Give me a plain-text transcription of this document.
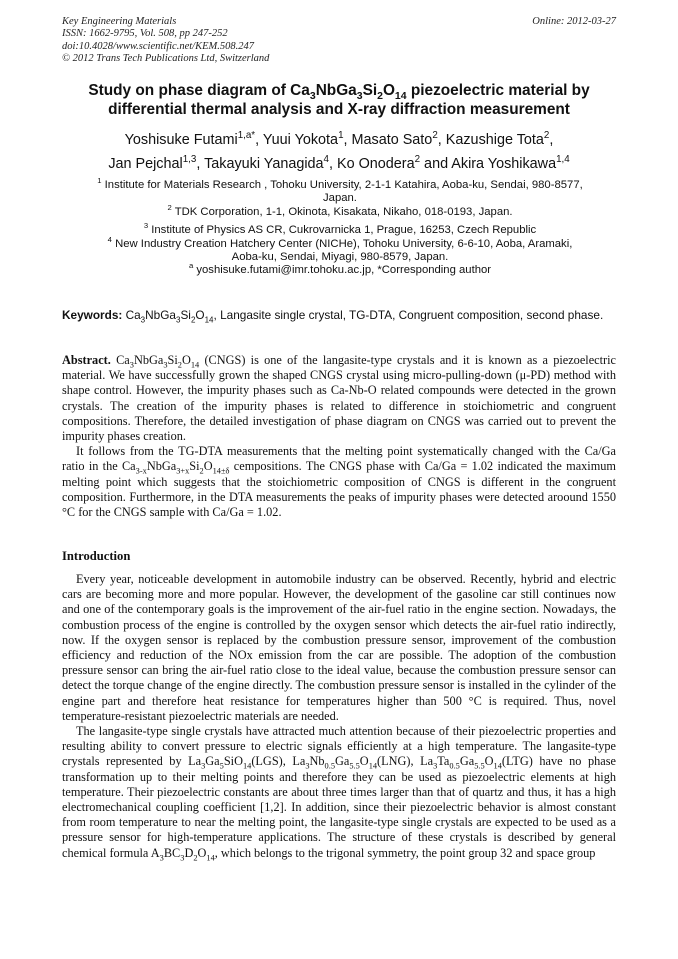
Key Engineering Materials
ISSN: 1662-9795, Vol. 508, pp 247-252
doi:10.4028/www.scientific.net/KEM.508.247
© 2012 Trans Tech Publications Ltd, Switzerland
Online: 2012-03-27
Study on phase diagram of $Ca_3NbGa_3Si_2O_{14}$ piezoelectric material by
differential thermal analysis and X-ray diffraction measurement
Yoshisuke Futami$^{1,a*}$, Yuui Yokota$^1$, Masato Sato$^2$, Kazushige Tota$^2$,
Jan Pejchal$^{1,3}$, Takayuki Yanagida$^4$, Ko Onodera$^2$ and Akira Yoshikawa$^{1,4}$

$^1$ Institute for Materials Research , Tohoku University, 2-1-1 Katahira, Aoba-ku, Sendai, 980-8577,
Japan.

$^2$ TDK Corporation, 1-1, Okinota, Kisakata, Nikaho, 018-0193, Japan.

$^3$ Institute of Physics AS CR, Cukrovarnicka 1, Prague, 16253, Czech Republic

$^4$ New Industry Creation Hatchery Center (NICHe), Tohoku University, 6-6-10, Aoba, Aramaki,
Aoba-ku, Sendai, Miyagi, 980-8579, Japan.

$^a$ yoshisuke.futami@imr.tohoku.ac.jp, *Corresponding author

Keywords: $Ca_3NbGa_3Si_2O_{14}$, Langasite single crystal, TG-DTA, Congruent composition, second phase.

Abstract. $Ca_3NbGa_3Si_2O_{14}$ (CNGS) is one of the langasite-type crystals and it is known as a piezoelectric material. We have successfully grown the shaped CNGS crystal using micro-pulling-down (μ-PD) method with shape control. However, the impurity phases such as Ca-Nb-O related compounds were detected in the grown crystals. The creation of the impurity phases is related to difference in stoichiometric and congruent compositions. Therefore, the detailed investigation of phase diagram on CNGS was carried out to prevent the impurity phases creation.

It follows from the TG-DTA measurements that the melting point systematically changed with the Ca/Ga ratio in the $Ca_{3-x}NbGa_{3+x}Si_2O_{14\pm\delta}$ cempositions. The CNGS phase with Ca/Ga = 1.02 indicated the maximum melting point which suggests that the stoichiometric composition of CNGS is different in the congruent composition. Furthermore, in the DTA measurements the peaks of impurity phases were detected aroound 1550 °C for the CNGS sample with Ca/Ga = 1.02.

Introduction

Every year, noticeable development in automobile industry can be observed. Recently, hybrid and electric cars are becoming more and more popular. However, the development of the gasoline car still continues now and one of the contemporary goals is the improvement of the air-fuel ratio in the engine section. Nowadays, the combustion process of the engine is controlled by the oxygen sensor which detects the air-fuel ratio indirectly, now. If the oxygen sensor is replaced by the combustion pressure sensor, improvement of the combustion efficiency and reduction of the NOx emission from the car are possible. The adoption of the combustion pressure sensor can bring the air-fuel ratio close to the ideal value, because the combustion pressure sensor can detect the torque change of the engine directly. The combustion pressure sensor is installed in the cylinder of the engine part and therefore heat resistance for temperatures higher than 500 °C is required. Thus, novel temperature-resistant piezoelectric materials are needed.

The langasite-type single crystals have attracted much attention because of their piezoelectric properties and resulting ability to convert pressure to electric signals efficiently at a high temperature. The langasite-type crystals represented by $La_3Ga_5SiO_{14}(LGS)$, $La_3Nb_{0.5}Ga_{5.5}O_{14}(LNG)$, $La_3Ta_{0.5}Ga_{5.5}O_{14}(LTG)$ have no phase transformation up to their melting points and therefore they can be used as piezoelectric elements at high temperature. Their piezoelectric constants are about three times larger than that of quartz and thus, it has a high electromechanical coupling coefficient [1,2]. In addition, since their piezoelectric behavior is almost constant from room temperature to near the melting point, the langasite-type single crystals are expected to be used as a pressure sensor for high-temperature applications. The structure of these crystals is described by general chemical formula $A_3BC_3D_2O_{14}$, which belongs to the trigonal symmetry, the point group 32 and space group
